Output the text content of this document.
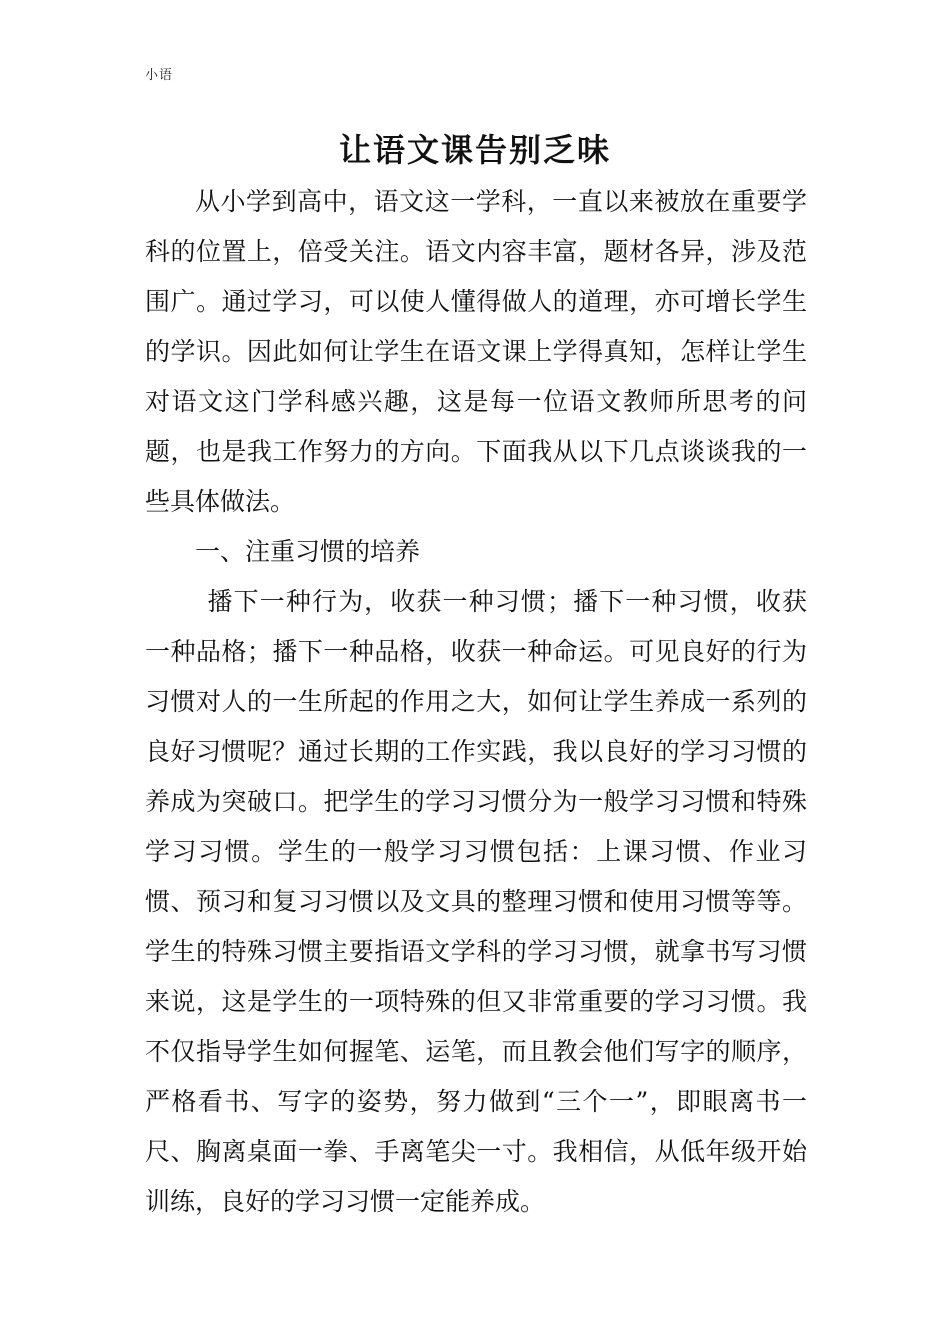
小语
让语文课告别乏味

从小学到高中，语文这一学科，一直以来被放在重要学科的位置上，倍受关注。语文内容丰富，题材各异，涉及范围广。通过学习，可以使人懂得做人的道理，亦可增长学生的学识。因此如何让学生在语文课上学得真知，怎样让学生对语文这门学科感兴趣，这是每一位语文教师所思考的问题，也是我工作努力的方向。下面我从以下几点谈谈我的一些具体做法。

一、注重习惯的培养

播下一种行为，收获一种习惯；播下一种习惯，收获一种品格；播下一种品格，收获一种命运。可见良好的行为习惯对人的一生所起的作用之大，如何让学生养成一系列的良好习惯呢？通过长期的工作实践，我以良好的学习习惯的养成为突破口。把学生的学习习惯分为一般学习习惯和特殊学习习惯。学生的一般学习习惯包括：上课习惯、作业习惯、预习和复习习惯以及文具的整理习惯和使用习惯等等。学生的特殊习惯主要指语文学科的学习习惯，就拿书写习惯来说，这是学生的一项特殊的但又非常重要的学习习惯。我不仅指导学生如何握笔、运笔，而且教会他们写字的顺序，严格看书、写字的姿势，努力做到“三个一”，即眼离书一尺、胸离桌面一拳、手离笔尖一寸。我相信，从低年级开始训练，良好的学习习惯一定能养成。
